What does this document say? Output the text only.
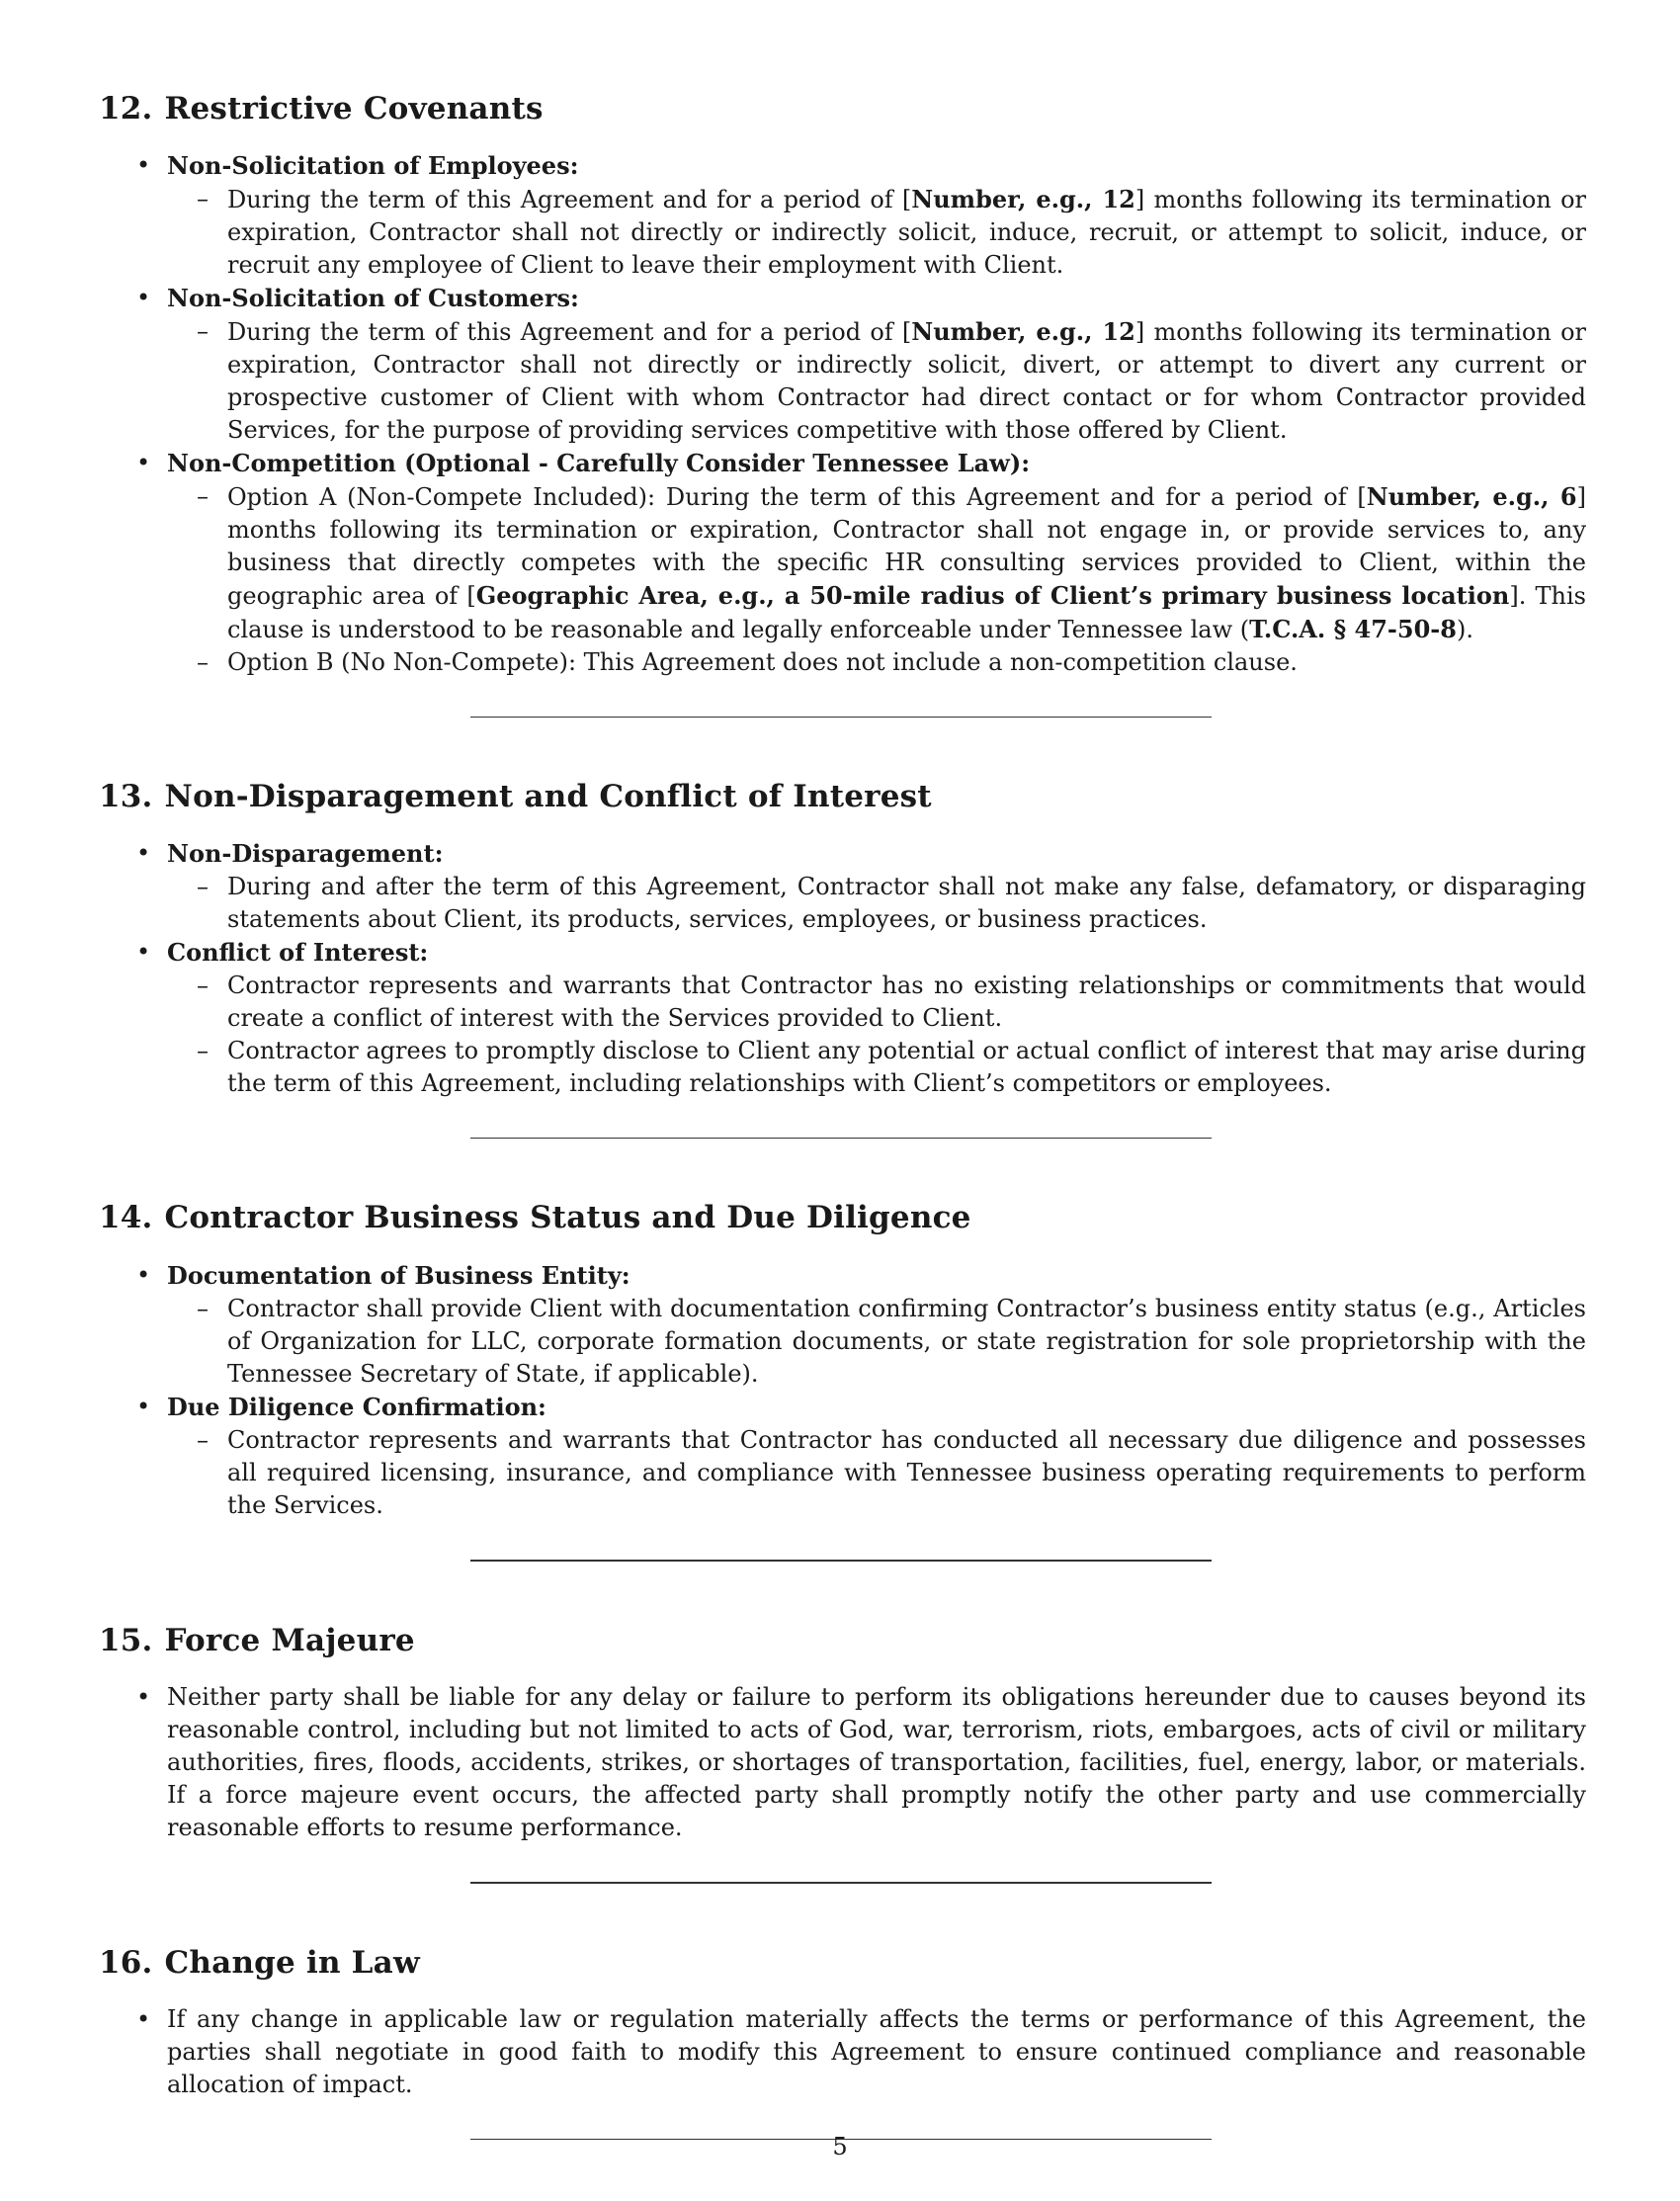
12. Restrictive Covenants
• Non-Solicitation of Employees:
– During the term of this Agreement and for a period of [Number, e.g., 12] months following its termination or expiration, Contractor shall not directly or indirectly solicit, induce, recruit, or attempt to solicit, induce, or recruit any employee of Client to leave their employment with Client.
• Non-Solicitation of Customers:
– During the term of this Agreement and for a period of [Number, e.g., 12] months following its termination or expiration, Contractor shall not directly or indirectly solicit, divert, or attempt to divert any current or prospective customer of Client with whom Contractor had direct contact or for whom Contractor provided Services, for the purpose of providing services competitive with those offered by Client.
• Non-Competition (Optional - Carefully Consider Tennessee Law):
– Option A (Non-Compete Included): During the term of this Agreement and for a period of [Number, e.g., 6] months following its termination or expiration, Contractor shall not engage in, or provide services to, any business that directly competes with the specific HR consulting services provided to Client, within the geographic area of [Geographic Area, e.g., a 50-mile radius of Client’s primary business location]. This clause is understood to be reasonable and legally enforceable under Tennessee law (T.C.A. § 47-50-8).
– Option B (No Non-Compete): This Agreement does not include a non-competition clause.
13. Non-Disparagement and Conflict of Interest
• Non-Disparagement:
– During and after the term of this Agreement, Contractor shall not make any false, defamatory, or disparaging statements about Client, its products, services, employees, or business practices.
• Conflict of Interest:
– Contractor represents and warrants that Contractor has no existing relationships or commitments that would create a conflict of interest with the Services provided to Client.
– Contractor agrees to promptly disclose to Client any potential or actual conflict of interest that may arise during the term of this Agreement, including relationships with Client’s competitors or employees.
14. Contractor Business Status and Due Diligence
• Documentation of Business Entity:
– Contractor shall provide Client with documentation confirming Contractor’s business entity status (e.g., Articles of Organization for LLC, corporate formation documents, or state registration for sole proprietorship with the Tennessee Secretary of State, if applicable).
• Due Diligence Confirmation:
– Contractor represents and warrants that Contractor has conducted all necessary due diligence and possesses all required licensing, insurance, and compliance with Tennessee business operating requirements to perform the Services.
15. Force Majeure
• Neither party shall be liable for any delay or failure to perform its obligations hereunder due to causes beyond its reasonable control, including but not limited to acts of God, war, terrorism, riots, embargoes, acts of civil or military authorities, fires, floods, accidents, strikes, or shortages of transportation, facilities, fuel, energy, labor, or materials. If a force majeure event occurs, the affected party shall promptly notify the other party and use commercially reasonable efforts to resume performance.
16. Change in Law
• If any change in applicable law or regulation materially affects the terms or performance of this Agreement, the parties shall negotiate in good faith to modify this Agreement to ensure continued compliance and reasonable allocation of impact.
5
